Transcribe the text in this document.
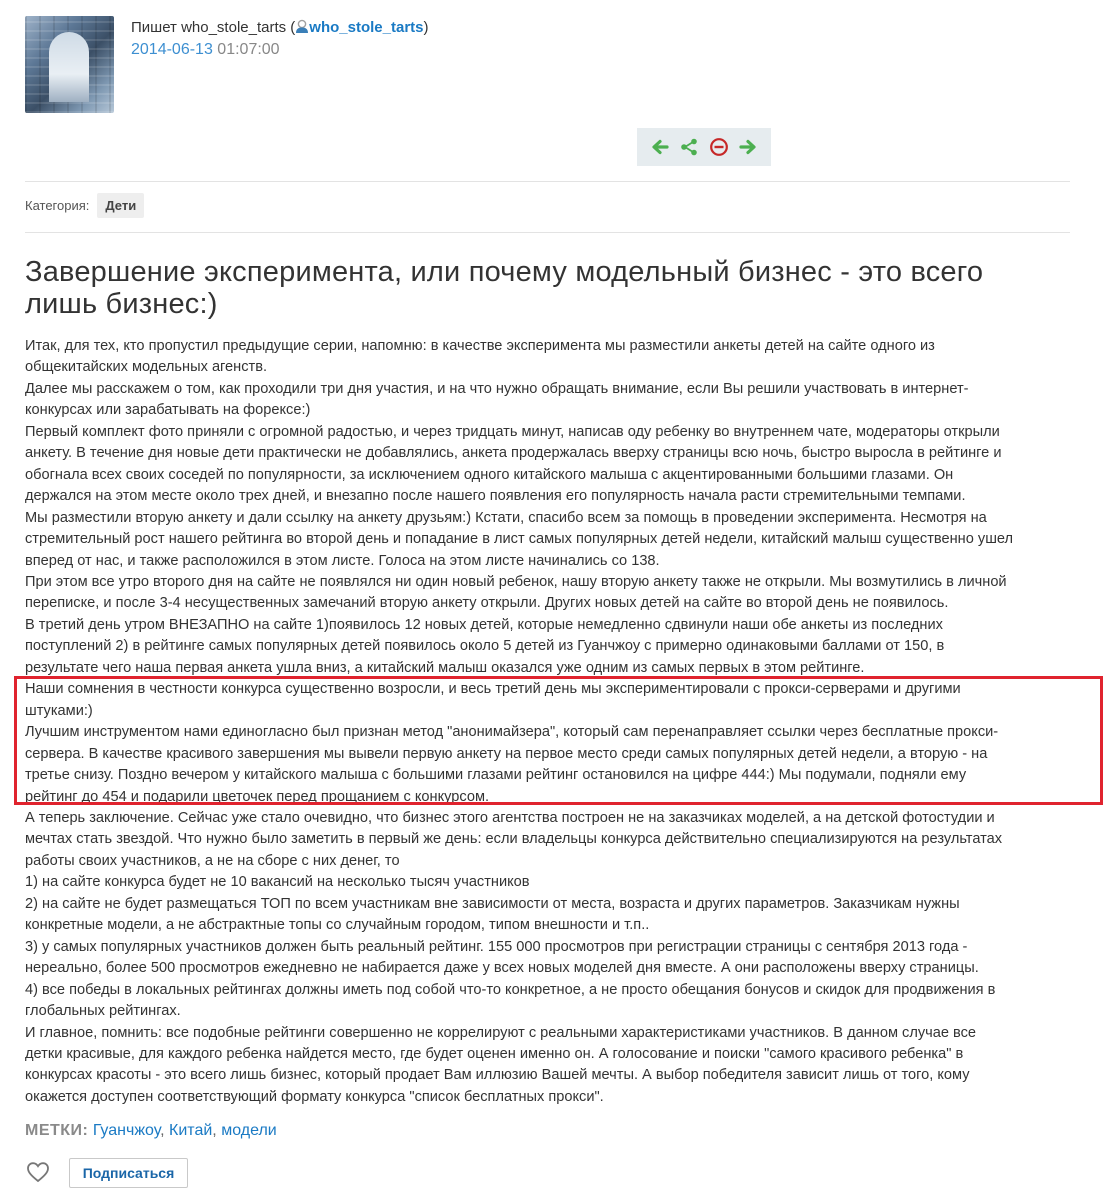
Пишет who_stole_tarts ( who_stole_tarts)
2014-06-13 01:07:00
Категория:	Дети
Завершение эксперимента, или почему модельный бизнес - это всего
лишь бизнес:)

Итак, для тех, кто пропустил предыдущие серии, напомню: в качестве эксперимента мы разместили анкеты детей на сайте одного из

общекитайских модельных агенств.

Далее мы расскажем о том, как проходили три дня участия, и на что нужно обращать внимание, если Вы решили участвовать в интернет-

конкурсах или зарабатывать на форексе:)

Первый комплект фото приняли с огромной радостью, и через тридцать минут, написав оду ребенку во внутреннем чате, модераторы открыли

анкету. В течение дня новые дети практически не добавлялись, анкета продержалась вверху страницы всю ночь, быстро выросла в рейтинге и

обогнала всех своих соседей по популярности, за исключением одного китайского малыша с акцентированными большими глазами. Он

держался на этом месте около трех дней, и внезапно после нашего появления его популярность начала расти стремительными темпами.

Мы разместили вторую анкету и дали ссылку на анкету друзьям:) Кстати, спасибо всем за помощь в проведении эксперимента. Несмотря на

стремительный рост нашего рейтинга во второй день и попадание в лист самых популярных детей недели, китайский малыш существенно ушел

вперед от нас, и также расположился в этом листе. Голоса на этом листе начинались со 138.

При этом все утро второго дня на сайте не появлялся ни один новый ребенок, нашу вторую анкету также не открыли. Мы возмутились в личной

переписке, и после 3-4 несущественных замечаний вторую анкету открыли. Других новых детей на сайте во второй день не появилось.

В третий день утром ВНЕЗАПНО на сайте 1)появилось 12 новых детей, которые немедленно сдвинули наши обе анкеты из последних

поступлений 2) в рейтинге самых популярных детей появилось около 5 детей из Гуанчжоу с примерно одинаковыми баллами от 150, в

результате чего наша первая анкета ушла вниз, а китайский малыш оказался уже одним из самых первых в этом рейтинге.

Наши сомнения в честности конкурса существенно возросли, и весь третий день мы экспериментировали с прокси-серверами и другими

штуками:)

Лучшим инструментом нами единогласно был признан метод "анонимайзера", который сам перенаправляет ссылки через бесплатные прокси-

сервера. В качестве красивого завершения мы вывели первую анкету на первое место среди самых популярных детей недели, а вторую - на

третье снизу. Поздно вечером у китайского малыша с большими глазами рейтинг остановился на цифре 444:) Мы подумали, подняли ему

рейтинг до 454 и подарили цветочек перед прощанием с конкурсом.

А теперь заключение. Сейчас уже стало очевидно, что бизнес этого агентства построен не на заказчиках моделей, а на детской фотостудии и

мечтах стать звездой. Что нужно было заметить в первый же день: если владельцы конкурса действительно специализируются на результатах

работы своих участников, а не на сборе с них денег, то

1) на сайте конкурса будет не 10 вакансий на несколько тысяч участников

2) на сайте не будет размещаться ТОП по всем участникам вне зависимости от места, возраста и других параметров. Заказчикам нужны

конкретные модели, а не абстрактные топы со случайным городом, типом внешности и т.п..

3) у самых популярных участников должен быть реальный рейтинг. 155 000 просмотров при регистрации страницы с сентября 2013 года -

нереально, более 500 просмотров ежедневно не набирается даже у всех новых моделей дня вместе. А они расположены вверху страницы.

4) все победы в локальных рейтингах должны иметь под собой что-то конкретное, а не просто обещания бонусов и скидок для продвижения в

глобальных рейтингах.

И главное, помнить: все подобные рейтинги совершенно не коррелируют с реальными характеристиками участников. В данном случае все

детки красивые, для каждого ребенка найдется место, где будет оценен именно он. А голосование и поиски "самого красивого ребенка" в

конкурсах красоты - это всего лишь бизнес, который продает Вам иллюзию Вашей мечты. А выбор победителя зависит лишь от того, кому

окажется доступен соответствующий формату конкурса "список бесплатных прокси".

МЕТКИ: Гуанчжоу, Китай, модели
Подписаться
